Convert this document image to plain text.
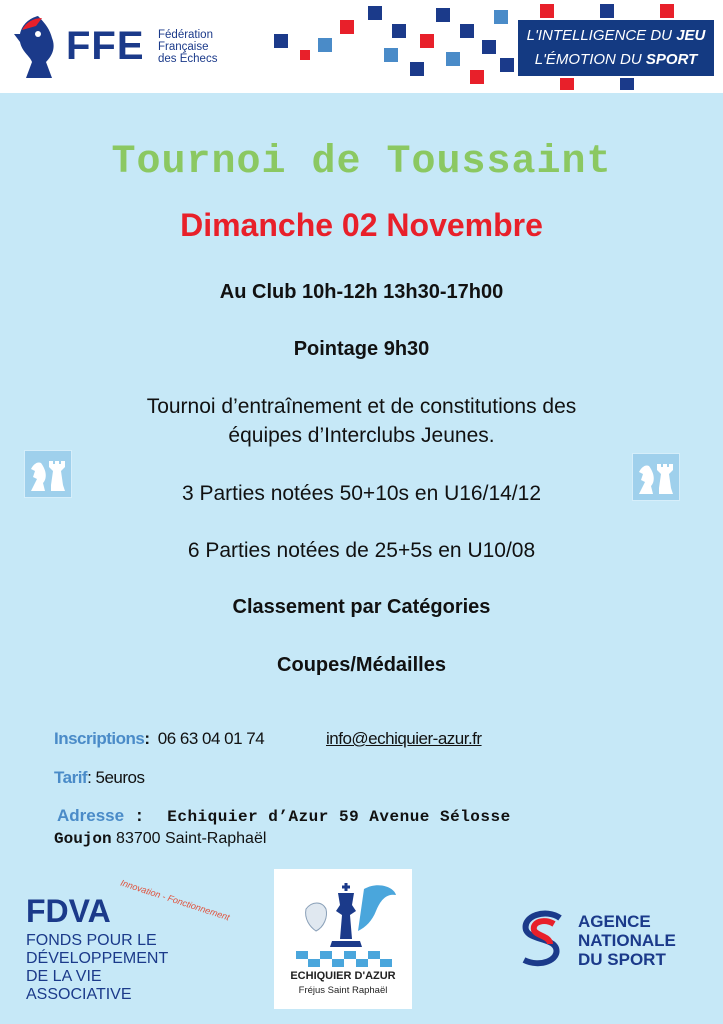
FFE Fédération
Française
des Échecs
L'INTELLIGENCE DU JEU
L'ÉMOTION DU SPORT
Tournoi de Toussaint
Dimanche 02 Novembre
Au Club 10h-12h 13h30-17h00
Pointage 9h30
Tournoi d’entraînement et de constitutions des
équipes d’Interclubs Jeunes.
3 Parties notées 50+10s en U16/14/12
6 Parties notées de 25+5s en U10/08
Classement par Catégories
Coupes/Médailles
Inscriptions: 06 63 04 01 74	info@echiquier-azur.fr
Tarif: 5euros
Adresse : Echiquier d’Azur 59 Avenue Sélosse
Goujon 83700 Saint-Raphaël
FDVA
FONDS POUR LE
DÉVELOPPEMENT
DE LA VIE
ASSOCIATIVE
Innovation - Fonctionnement
ECHIQUIER D'AZUR
Fréjus Saint Raphaël
AGENCE
NATIONALE
DU SPORT
